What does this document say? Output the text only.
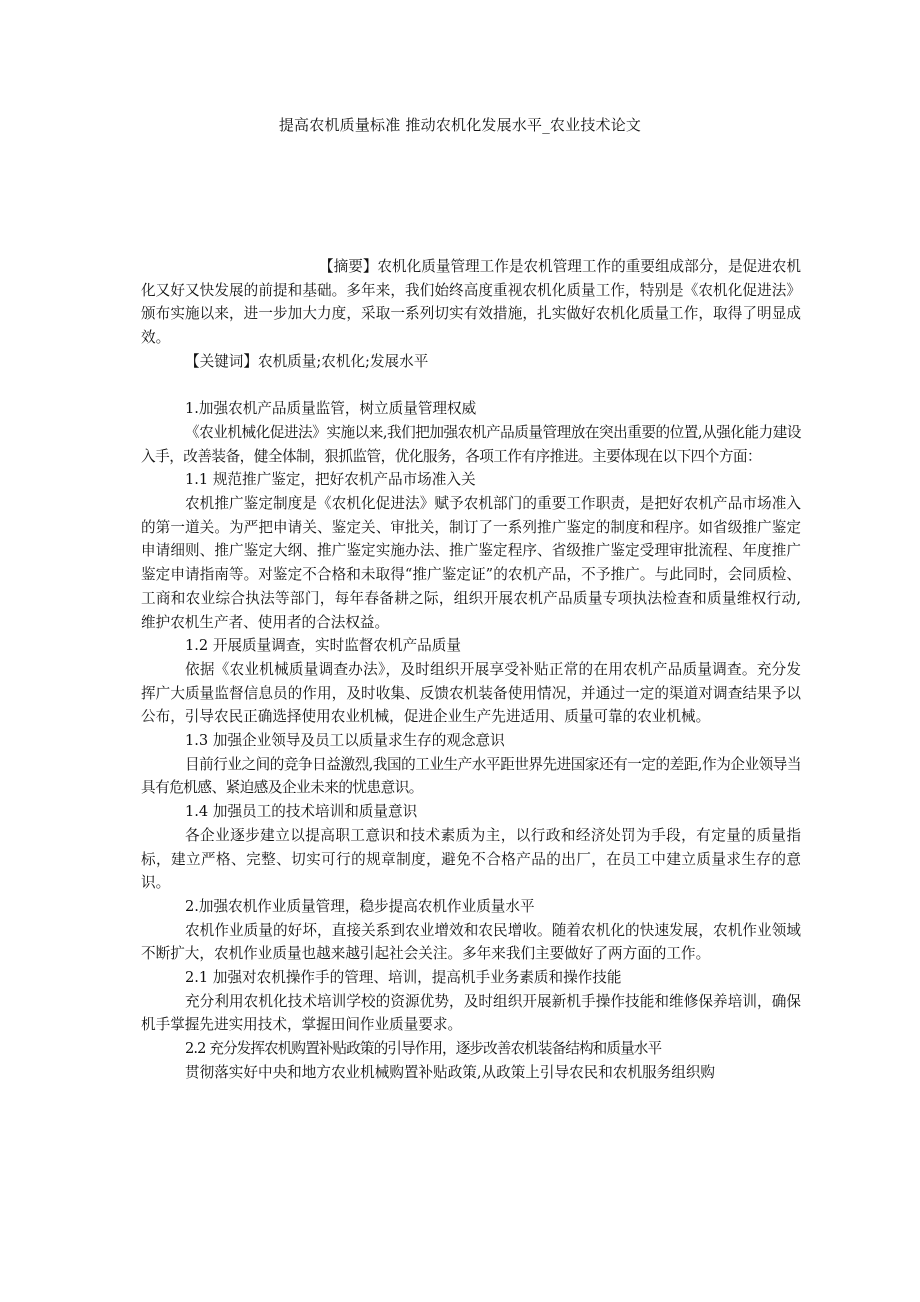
提高农机质量标准 推动农机化发展水平_农业技术论文

【摘要】农机化质量管理工作是农机管理工作的重要组成部分，是促进农机化又好又快发展的前提和基础。多年来，我们始终高度重视农机化质量工作，特别是《农机化促进法》颁布实施以来，进一步加大力度，采取一系列切实有效措施，扎实做好农机化质量工作，取得了明显成效。

【关键词】农机质量;农机化;发展水平

1.加强农机产品质量监管，树立质量管理权威

《农业机械化促进法》实施以来,我们把加强农机产品质量管理放在突出重要的位置,从强化能力建设入手，改善装备，健全体制，狠抓监管，优化服务，各项工作有序推进。主要体现在以下四个方面：

1.1 规范推广鉴定，把好农机产品市场准入关

农机推广鉴定制度是《农机化促进法》赋予农机部门的重要工作职责，是把好农机产品市场准入的第一道关。为严把申请关、鉴定关、审批关，制订了一系列推广鉴定的制度和程序。如省级推广鉴定申请细则、推广鉴定大纲、推广鉴定实施办法、推广鉴定程序、省级推广鉴定受理审批流程、年度推广鉴定申请指南等。对鉴定不合格和未取得“推广鉴定证”的农机产品，不予推广。与此同时，会同质检、工商和农业综合执法等部门，每年春备耕之际，组织开展农机产品质量专项执法检查和质量维权行动,维护农机生产者、使用者的合法权益。

1.2 开展质量调查，实时监督农机产品质量

依据《农业机械质量调查办法》，及时组织开展享受补贴正常的在用农机产品质量调查。充分发挥广大质量监督信息员的作用，及时收集、反馈农机装备使用情况，并通过一定的渠道对调查结果予以公布，引导农民正确选择使用农业机械，促进企业生产先进适用、质量可靠的农业机械。

1.3 加强企业领导及员工以质量求生存的观念意识

目前行业之间的竞争日益激烈,我国的工业生产水平距世界先进国家还有一定的差距,作为企业领导当具有危机感、紧迫感及企业未来的忧患意识。

1.4 加强员工的技术培训和质量意识

各企业逐步建立以提高职工意识和技术素质为主，以行政和经济处罚为手段，有定量的质量指标，建立严格、完整、切实可行的规章制度，避免不合格产品的出厂，在员工中建立质量求生存的意识。

2.加强农机作业质量管理，稳步提高农机作业质量水平

农机作业质量的好坏，直接关系到农业增效和农民增收。随着农机化的快速发展，农机作业领域不断扩大，农机作业质量也越来越引起社会关注。多年来我们主要做好了两方面的工作。

2.1 加强对农机操作手的管理、培训，提高机手业务素质和操作技能

充分利用农机化技术培训学校的资源优势，及时组织开展新机手操作技能和维修保养培训，确保机手掌握先进实用技术，掌握田间作业质量要求。

2.2 充分发挥农机购置补贴政策的引导作用，逐步改善农机装备结构和质量水平

贯彻落实好中央和地方农业机械购置补贴政策,从政策上引导农民和农机服务组织购
